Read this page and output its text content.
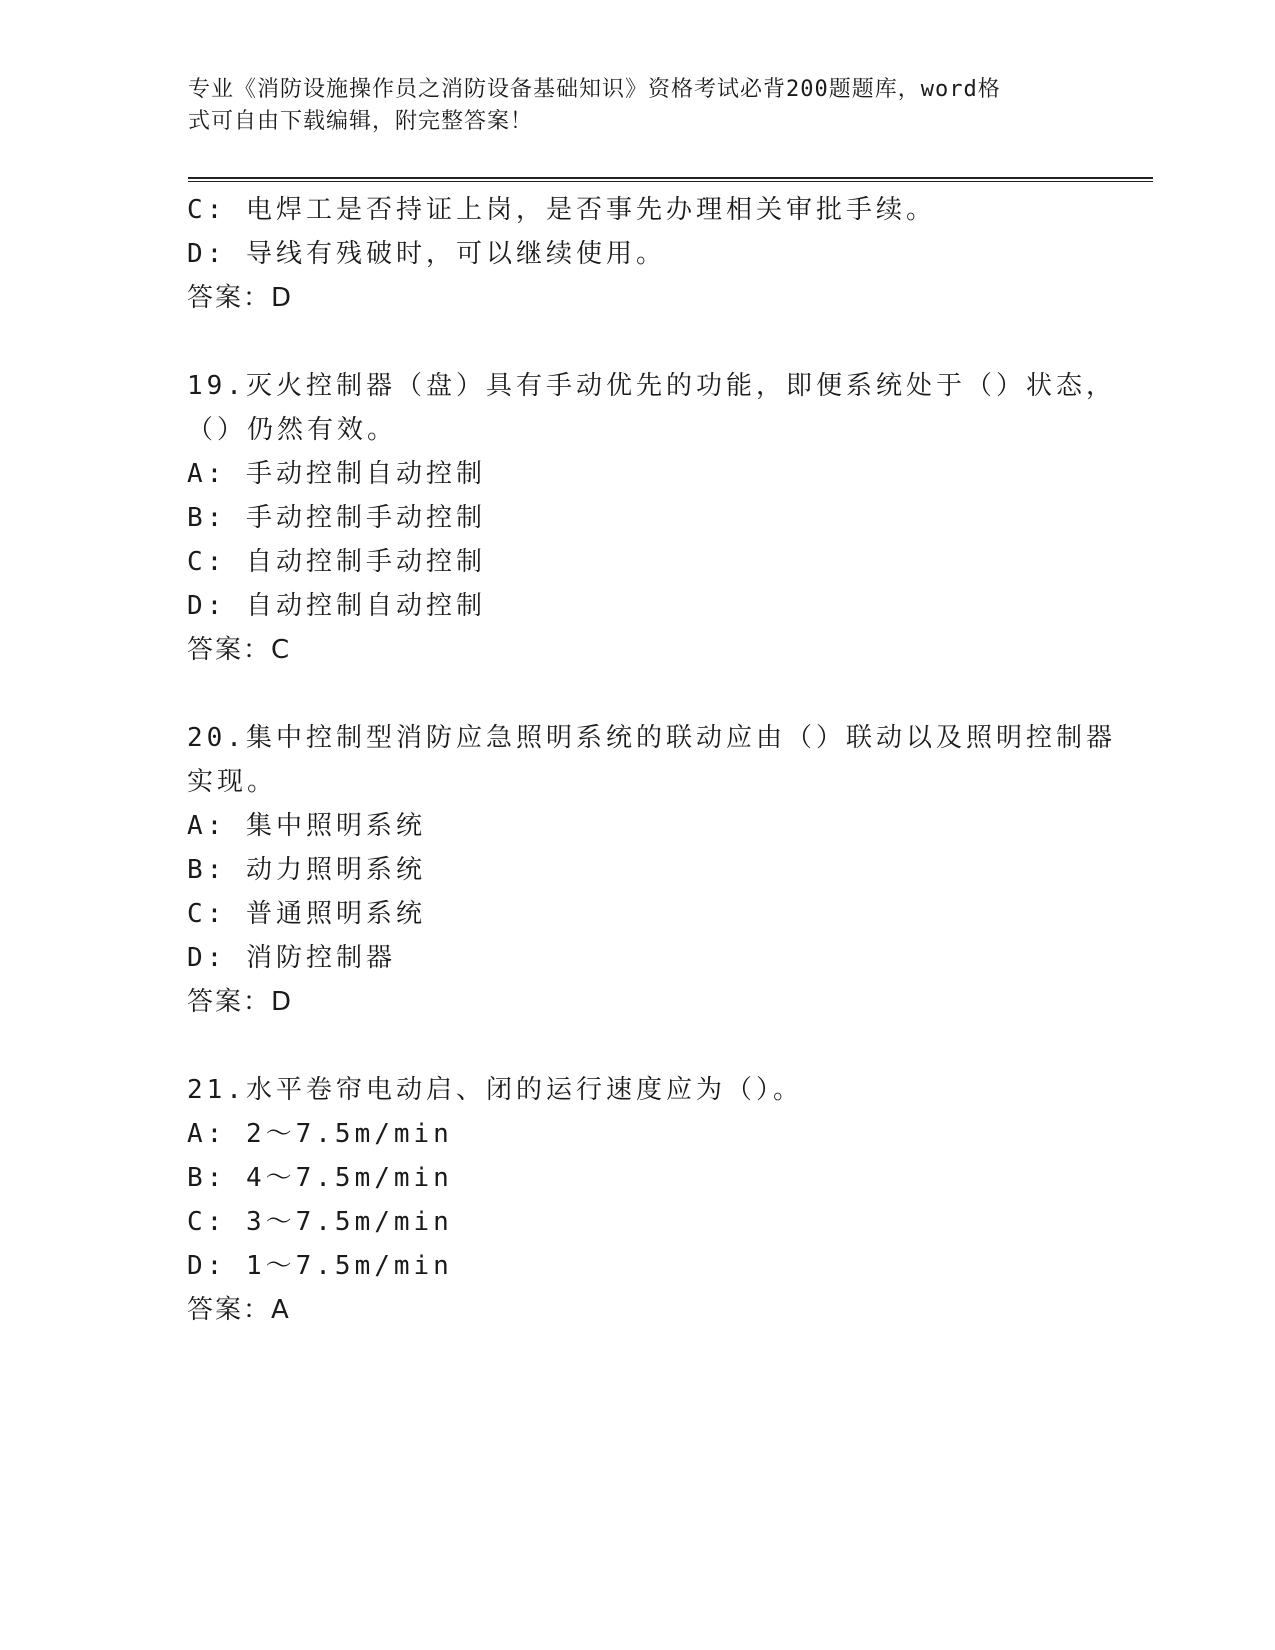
专业《消防设施操作员之消防设备基础知识》资格考试必背200题题库，word格
式可自由下载编辑，附完整答案！
C: 电焊工是否持证上岗，是否事先办理相关审批手续。
D: 导线有残破时，可以继续使用。
答案：D
19.灭火控制器（盘）具有手动优先的功能，即便系统处于（）状态，
（）仍然有效。
A: 手动控制自动控制
B: 手动控制手动控制
C: 自动控制手动控制
D: 自动控制自动控制
答案：C
20.集中控制型消防应急照明系统的联动应由（）联动以及照明控制器
实现。
A: 集中照明系统
B: 动力照明系统
C: 普通照明系统
D: 消防控制器
答案：D
21.水平卷帘电动启、闭的运行速度应为（）。
A: 2～7.5m/min
B: 4～7.5m/min
C: 3～7.5m/min
D: 1～7.5m/min
答案：A
